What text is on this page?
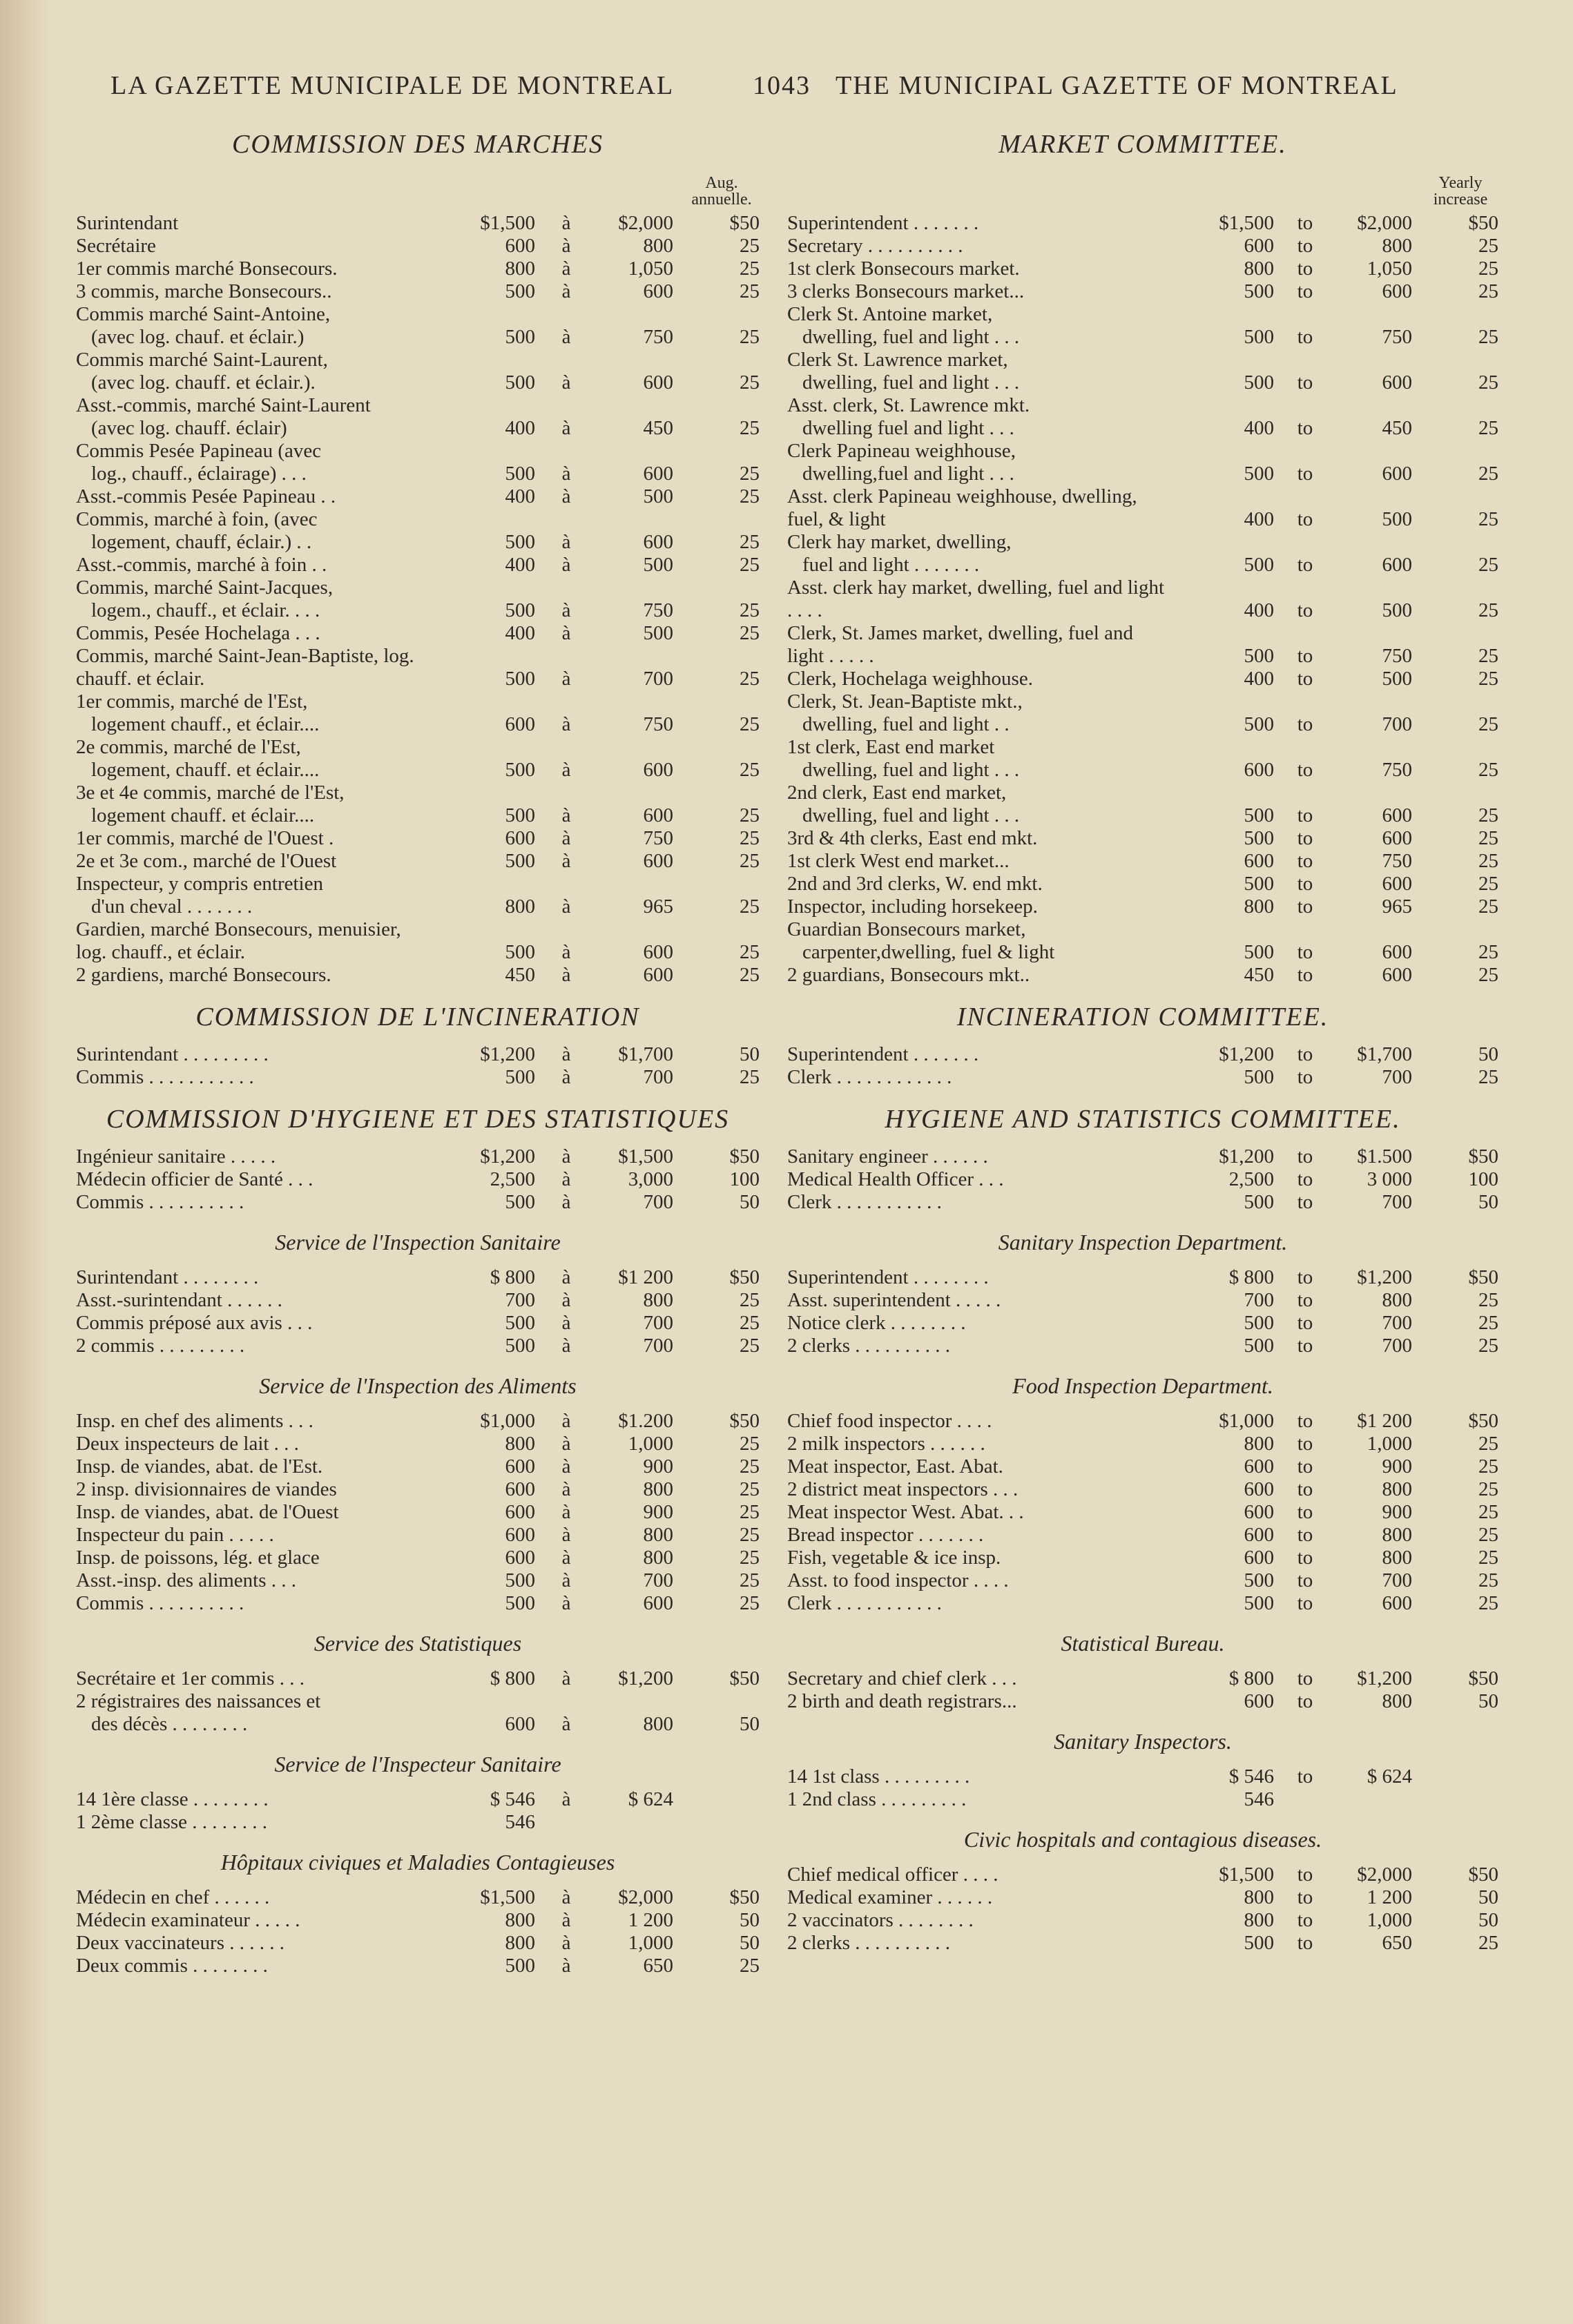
LA GAZETTE MUNICIPALE DE MONTREAL	1043 THE MUNICIPAL GAZETTE OF MONTREAL
COMMISSION DES MARCHES
Aug. annuelle.
Surintendant	$1,500	à	$2,000	$50
Secrétaire	600	à	800	25
1er commis marché Bonsecours.	800	à	1,050	25
3 commis, marche Bonsecours..	500	à	600	25
Commis marché Saint-Antoine,
(avec log. chauf. et éclair.)	500	à	750	25
Commis marché Saint-Laurent,
(avec log. chauff. et éclair.).	500	à	600	25
Asst.-commis, marché Saint-Laurent
(avec log. chauff. éclair)	400	à	450	25
Commis Pesée Papineau (avec
log., chauff., éclairage) . . .	500	à	600	25
Asst.-commis Pesée Papineau . .	400	à	500	25
Commis, marché à foin, (avec
logement, chauff, éclair.) . .	500	à	600	25
Asst.-commis, marché à foin . .	400	à	500	25
Commis, marché Saint-Jacques,
logem., chauff., et éclair. . . .	500	à	750	25
Commis, Pesée Hochelaga . . .	400	à	500	25
Commis, marché Saint-Jean-Baptiste, log. chauff. et éclair.	500	à	700	25
1er commis, marché de l'Est,
logement chauff., et éclair....	600	à	750	25
2e commis, marché de l'Est,
logement, chauff. et éclair....	500	à	600	25
3e et 4e commis, marché de l'Est,
logement chauff. et éclair....	500	à	600	25
1er commis, marché de l'Ouest .	600	à	750	25
2e et 3e com., marché de l'Ouest	500	à	600	25
Inspecteur, y compris entretien
d'un cheval . . . . . . .	800	à	965	25
Gardien, marché Bonsecours, menuisier, log. chauff., et éclair.	500	à	600	25
2 gardiens, marché Bonsecours.	450	à	600	25
COMMISSION DE L'INCINERATION
Surintendant . . . . . . . . .	$1,200	à	$1,700	50
Commis . . . . . . . . . . .	500	à	700	25
COMMISSION D'HYGIENE ET DES STATISTIQUES
Ingénieur sanitaire . . . . .	$1,200	à	$1,500	$50
Médecin officier de Santé . . .	2,500	à	3,000	100
Commis . . . . . . . . . .	500	à	700	50
Service de l'Inspection Sanitaire
Surintendant . . . . . . . .	$ 800	à	$1 200	$50
Asst.-surintendant . . . . . .	700	à	800	25
Commis préposé aux avis . . .	500	à	700	25
2 commis . . . . . . . . .	500	à	700	25
Service de l'Inspection des Aliments
Insp. en chef des aliments . . .	$1,000	à	$1.200	$50
Deux inspecteurs de lait . . .	800	à	1,000	25
Insp. de viandes, abat. de l'Est.	600	à	900	25
2 insp. divisionnaires de viandes	600	à	800	25
Insp. de viandes, abat. de l'Ouest	600	à	900	25
Inspecteur du pain . . . . .	600	à	800	25
Insp. de poissons, lég. et glace	600	à	800	25
Asst.-insp. des aliments . . .	500	à	700	25
Commis . . . . . . . . . .	500	à	600	25
Service des Statistiques
Secrétaire et 1er commis . . .	$ 800	à	$1,200	$50
2 régistraires des naissances et
des décès . . . . . . . .	600	à	800	50
Service de l'Inspecteur Sanitaire
14 1ère classe . . . . . . . .	$ 546	à	$ 624
1 2ème classe . . . . . . . .	546
Hôpitaux civiques et Maladies Contagieuses
Médecin en chef . . . . . .	$1,500	à	$2,000	$50
Médecin examinateur . . . . .	800	à	1 200	50
Deux vaccinateurs . . . . . .	800	à	1,000	50
Deux commis . . . . . . . .	500	à	650	25
MARKET COMMITTEE.
Yearly increase
Superintendent . . . . . . .	$1,500	to	$2,000	$50
Secretary . . . . . . . . . .	600	to	800	25
1st clerk Bonsecours market.	800	to	1,050	25
3 clerks Bonsecours market...	500	to	600	25
Clerk St. Antoine market,
dwelling, fuel and light . . .	500	to	750	25
Clerk St. Lawrence market,
dwelling, fuel and light . . .	500	to	600	25
Asst. clerk, St. Lawrence mkt.
dwelling fuel and light . . .	400	to	450	25
Clerk Papineau weighhouse,
dwelling,fuel and light . . .	500	to	600	25
Asst. clerk Papineau weighhouse, dwelling, fuel, & light	400	to	500	25
Clerk hay market, dwelling,
fuel and light . . . . . . .	500	to	600	25
Asst. clerk hay market, dwelling, fuel and light . . . .	400	to	500	25
Clerk, St. James market, dwelling, fuel and light . . . . .	500	to	750	25
Clerk, Hochelaga weighhouse.	400	to	500	25
Clerk, St. Jean-Baptiste mkt.,
dwelling, fuel and light . .	500	to	700	25
1st clerk, East end market
dwelling, fuel and light . . .	600	to	750	25
2nd clerk, East end market,
dwelling, fuel and light . . .	500	to	600	25
3rd & 4th clerks, East end mkt.	500	to	600	25
1st clerk West end market...	600	to	750	25
2nd and 3rd clerks, W. end mkt.	500	to	600	25
Inspector, including horsekeep.	800	to	965	25
Guardian Bonsecours market,
carpenter,dwelling, fuel & light	500	to	600	25
2 guardians, Bonsecours mkt..	450	to	600	25
INCINERATION COMMITTEE.
Superintendent . . . . . . .	$1,200	to	$1,700	50
Clerk . . . . . . . . . . . .	500	to	700	25
HYGIENE AND STATISTICS COMMITTEE.
Sanitary engineer . . . . . .	$1,200	to	$1.500	$50
Medical Health Officer . . .	2,500	to	3 000	100
Clerk . . . . . . . . . . .	500	to	700	50
Sanitary Inspection Department.
Superintendent . . . . . . . .	$ 800	to	$1,200	$50
Asst. superintendent . . . . .	700	to	800	25
Notice clerk . . . . . . . .	500	to	700	25
2 clerks . . . . . . . . . .	500	to	700	25
Food Inspection Department.
Chief food inspector . . . .	$1,000	to	$1 200	$50
2 milk inspectors . . . . . .	800	to	1,000	25
Meat inspector, East. Abat.	600	to	900	25
2 district meat inspectors . . .	600	to	800	25
Meat inspector West. Abat. . .	600	to	900	25
Bread inspector . . . . . . .	600	to	800	25
Fish, vegetable & ice insp.	600	to	800	25
Asst. to food inspector . . . .	500	to	700	25
Clerk . . . . . . . . . . .	500	to	600	25
Statistical Bureau.
Secretary and chief clerk . . .	$ 800	to	$1,200	$50
2 birth and death registrars...	600	to	800	50
Sanitary Inspectors.
14 1st class . . . . . . . . .	$ 546	to	$ 624
1 2nd class . . . . . . . . .	546
Civic hospitals and contagious diseases.
Chief medical officer . . . .	$1,500	to	$2,000	$50
Medical examiner . . . . . .	800	to	1 200	50
2 vaccinators . . . . . . . .	800	to	1,000	50
2 clerks . . . . . . . . . .	500	to	650	25
